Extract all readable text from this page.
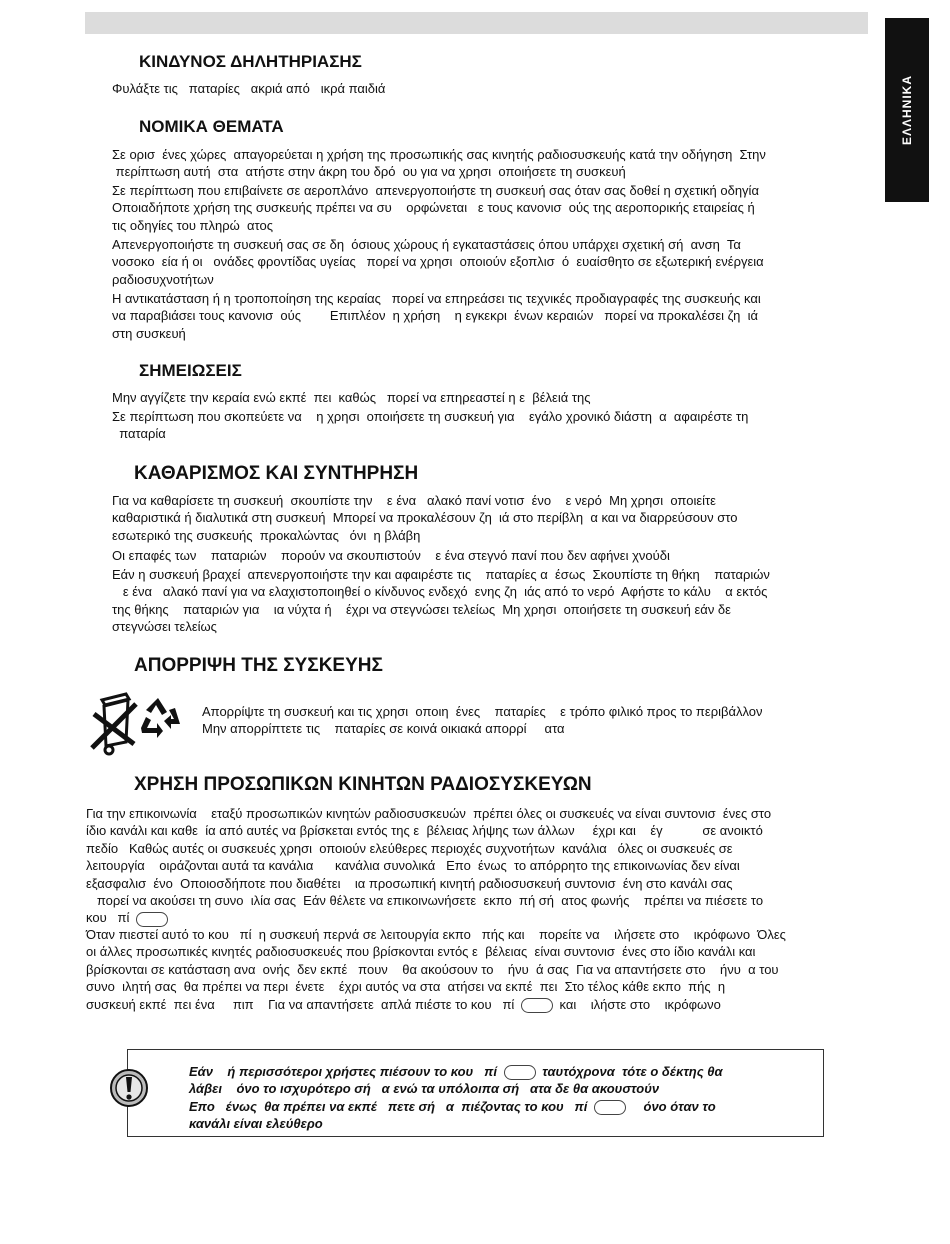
ΕΛΛΗΝΙΚΑ
ΚΙΝΔΥΝΟΣ ΔΗΛΗΤΗΡΙΑΣΗΣ

Φυλάξτε τις   παταρίες   ακριά από   ικρά παιδιά

ΝΟΜΙΚΑ ΘΕΜΑΤΑ

Σε ορισ  ένες χώρες  απαγορεύεται η χρήση της προσωπικής σας κινητής ραδιοσυσκευής κατά την οδήγηση  Στην
περίπτωση αυτή  στα  ατήστε στην άκρη του δρό  ου για να χρησι  οποιήσετε τη συσκευή

Σε περίπτωση που επιβαίνετε σε αεροπλάνο  απενεργοποιήστε τη συσκευή σας όταν σας δοθεί η σχετική οδηγία
Οποιαδήποτε χρήση της συσκευής πρέπει να συ    ορφώνεται   ε τους κανονισ  ούς της αεροπορικής εταιρείας ή
τις οδηγίες του πληρώ  ατος

Απενεργοποιήστε τη συσκευή σας σε δη  όσιους χώρους ή εγκαταστάσεις όπου υπάρχει σχετική σή  ανση  Τα
νοσοκο  εία ή οι   ονάδες φροντίδας υγείας   πορεί να χρησι  οποιούν εξοπλισ  ό  ευαίσθητο σε εξωτερική ενέργεια
ραδιοσυχνοτήτων

Η αντικατάσταση ή η τροποποίηση της κεραίας   πορεί να επηρεάσει τις τεχνικές προδιαγραφές της συσκευής και
να παραβιάσει τους κανονισ  ούς        Επιπλέον  η χρήση    η εγκεκρι  ένων κεραιών   πορεί να προκαλέσει ζη  ιά
στη συσκευή

ΣΗΜΕΙΩΣΕΙΣ

Μην αγγίζετε την κεραία ενώ εκπέ  πει  καθώς   πορεί να επηρεαστεί η ε  βέλειά της

Σε περίπτωση που σκοπεύετε να    η χρησι  οποιήσετε τη συσκευή για    εγάλο χρονικό διάστη  α  αφαιρέστε τη
παταρία

ΚΑΘΑΡΙΣΜΟΣ ΚΑΙ ΣΥΝΤΗΡΗΣΗ

Για να καθαρίσετε τη συσκευή  σκουπίστε την    ε ένα   αλακό πανί νοτισ  ένο    ε νερό  Μη χρησι  οποιείτε
καθαριστικά ή διαλυτικά στη συσκευή  Μπορεί να προκαλέσουν ζη  ιά στο περίβλη  α και να διαρρεύσουν στο
εσωτερικό της συσκευής  προκαλώντας   όνι  η βλάβη

Οι επαφές των    παταριών    πορούν να σκουπιστούν    ε ένα στεγνό πανί που δεν αφήνει χνούδι

Εάν η συσκευή βραχεί  απενεργοποιήστε την και αφαιρέστε τις    παταρίες α  έσως  Σκουπίστε τη θήκη    παταριών
ε ένα   αλακό πανί για να ελαχιστοποιηθεί ο κίνδυνος ενδεχό  ενης ζη  ιάς από το νερό  Αφήστε το κάλυ    α εκτός
της θήκης    παταριών για    ια νύχτα ή    έχρι να στεγνώσει τελείως  Μη χρησι  οποιήσετε τη συσκευή εάν δε
στεγνώσει τελείως

ΑΠΟΡΡΙΨΗ ΤΗΣ ΣΥΣΚΕΥΗΣ

Απορρίψτε τη συσκευή και τις χρησι  οποιη  ένες    παταρίες    ε τρόπο φιλικό προς το περιβάλλον
Μην απορρίπτετε τις    παταρίες σε κοινά οικιακά απορρί     ατα

ΧΡΗΣΗ ΠΡΟΣΩΠΙΚΩΝ ΚΙΝΗΤΩΝ ΡΑΔΙΟΣΥΣΚΕΥΩΝ
Για την επικοινωνία    εταξύ προσωπικών κινητών ραδιοσυσκευών  πρέπει όλες οι συσκευές να είναι συντονισ  ένες στο
ίδιο κανάλι και καθε  ία από αυτές να βρίσκεται εντός της ε  βέλειας λήψης των άλλων     έχρι και    έγ           σε ανοικτό
πεδίο   Καθώς αυτές οι συσκευές χρησι  οποιούν ελεύθερες περιοχές συχνοτήτων  κανάλια   όλες οι συσκευές σε
λειτουργία    οιράζονται αυτά τα κανάλια      κανάλια συνολικά   Επο  ένως  το απόρρητο της επικοινωνίας δεν είναι
εξασφαλισ  ένο  Οποιοσδήποτε που διαθέτει    ια προσωπική κινητή ραδιοσυσκευή συντονισ  ένη στο κανάλι σας
πορεί να ακούσει τη συνο  ιλία σας  Εάν θέλετε να επικοινωνήσετε  εκπο  πή σή  ατος φωνής    πρέπει να πιέσετε το
κου   πί
Όταν πιεστεί αυτό το κου   πί  η συσκευή περνά σε λειτουργία εκπο   πής και    πορείτε να    ιλήσετε στο    ικρόφωνο  Όλες
οι άλλες προσωπικές κινητές ραδιοσυσκευές που βρίσκονται εντός ε  βέλειας  είναι συντονισ  ένες στο ίδιο κανάλι και
βρίσκονται σε κατάσταση ανα  ονής  δεν εκπέ   πουν    θα ακούσουν το    ήνυ  ά σας  Για να απαντήσετε στο    ήνυ  α του
συνο  ιλητή σας  θα πρέπει να περι  ένετε    έχρι αυτός να στα  ατήσει να εκπέ  πει  Στο τέλος κάθε εκπο  πής  η
συσκευή εκπέ  πει ένα     πιπ    Για να απαντήσετε  απλά πιέστε το κου   πί	και    ιλήστε στο    ικρόφωνο
Εάν    ή περισσότεροι χρήστες πιέσουν το κου   πί	ταυτόχρονα  τότε ο δέκτης θα
λάβει    όνο το ισχυρότερο σή   α ενώ τα υπόλοιπα σή   ατα δε θα ακουστούν
Επο   ένως  θα πρέπει να εκπέ   πετε σή   α  πιέζοντας το κου   πί	όνο όταν το
κανάλι είναι ελεύθερο
